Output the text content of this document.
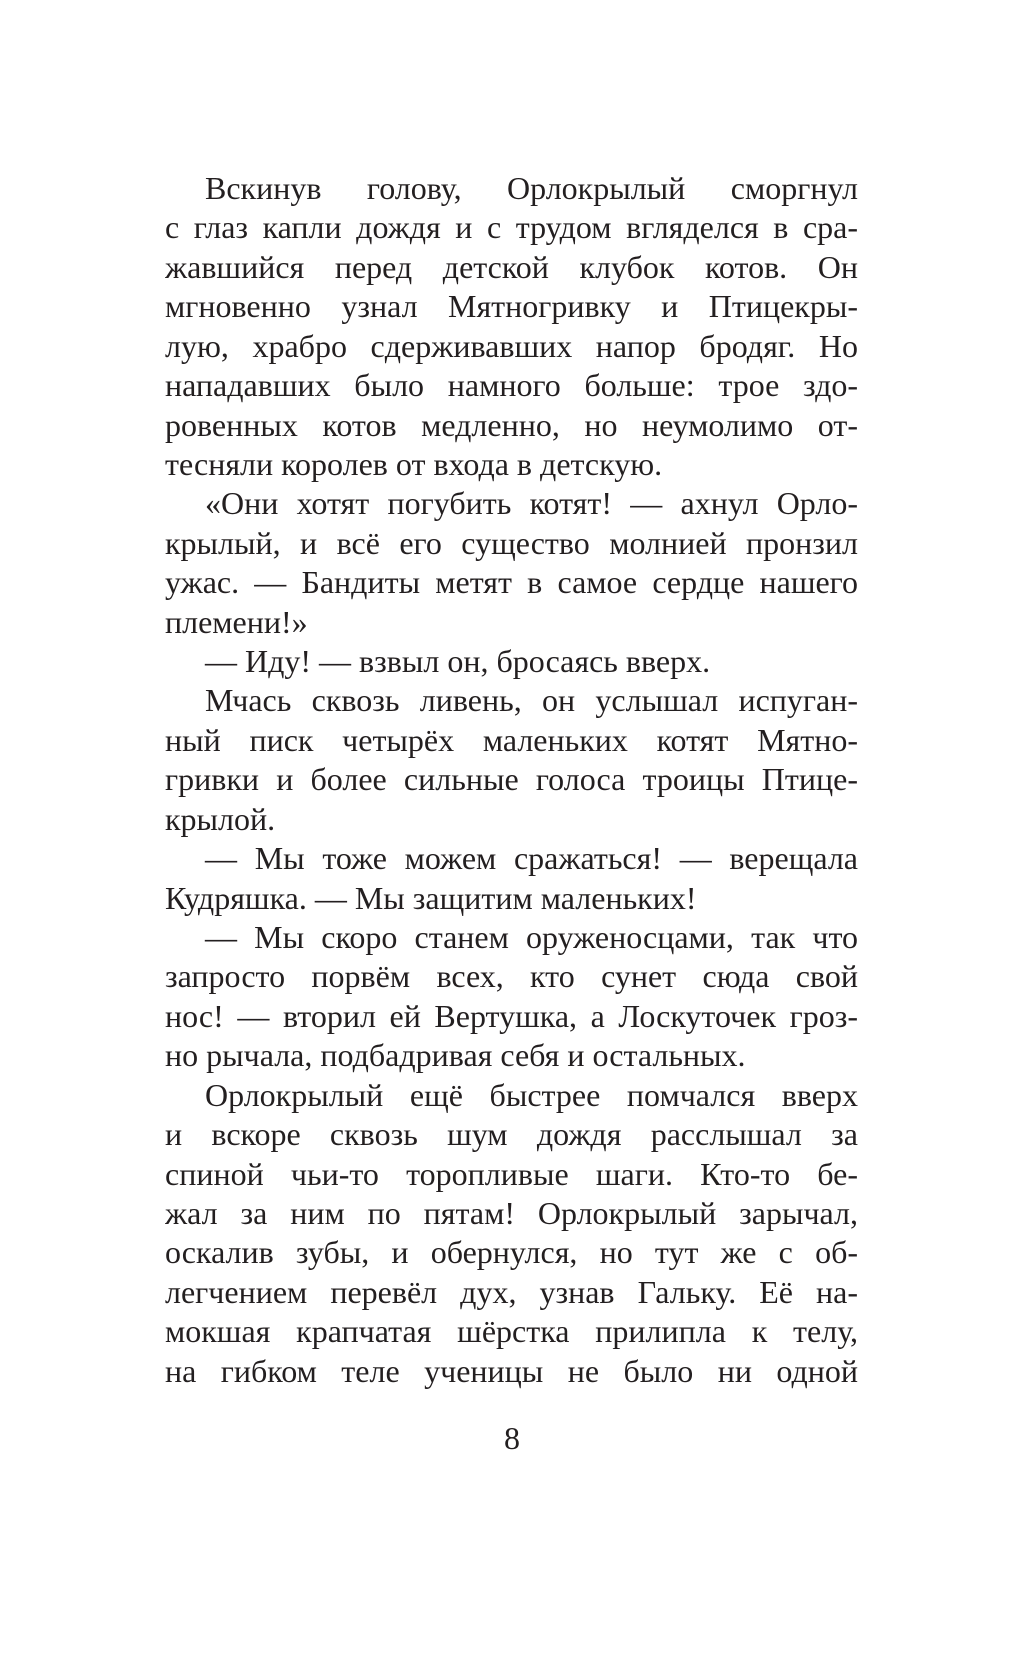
Вскинув голову, Орлокрылый сморгнул
с глаз капли дождя и с трудом вгляделся в сра-
жавшийся перед детской клубок котов. Он
мгновенно узнал Мятногривку и Птицекры-
лую, храбро сдерживавших напор бродяг. Но
нападавших было намного больше: трое здо-
ровенных котов медленно, но неумолимо от-
тесняли королев от входа в детскую.
«Они хотят погубить котят! — ахнул Орло-
крылый, и всё его существо молнией пронзил
ужас. — Бандиты метят в самое сердце нашего
племени!»
— Иду! — взвыл он, бросаясь вверх.
Мчась сквозь ливень, он услышал испуган-
ный писк четырёх маленьких котят Мятно-
гривки и более сильные голоса троицы Птице-
крылой.
— Мы тоже можем сражаться! — верещала
Кудряшка. — Мы защитим маленьких!
— Мы скоро станем оруженосцами, так что
запросто порвём всех, кто сунет сюда свой
нос! — вторил ей Вертушка, а Лоскуточек гроз-
но рычала, подбадривая себя и остальных.
Орлокрылый ещё быстрее помчался вверх
и вскоре сквозь шум дождя расслышал за
спиной чьи-то торопливые шаги. Кто-то бе-
жал за ним по пятам! Орлокрылый зарычал,
оскалив зубы, и обернулся, но тут же с об-
легчением перевёл дух, узнав Гальку. Её на-
мокшая крапчатая шёрстка прилипла к телу,
на гибком теле ученицы не было ни одной
8
